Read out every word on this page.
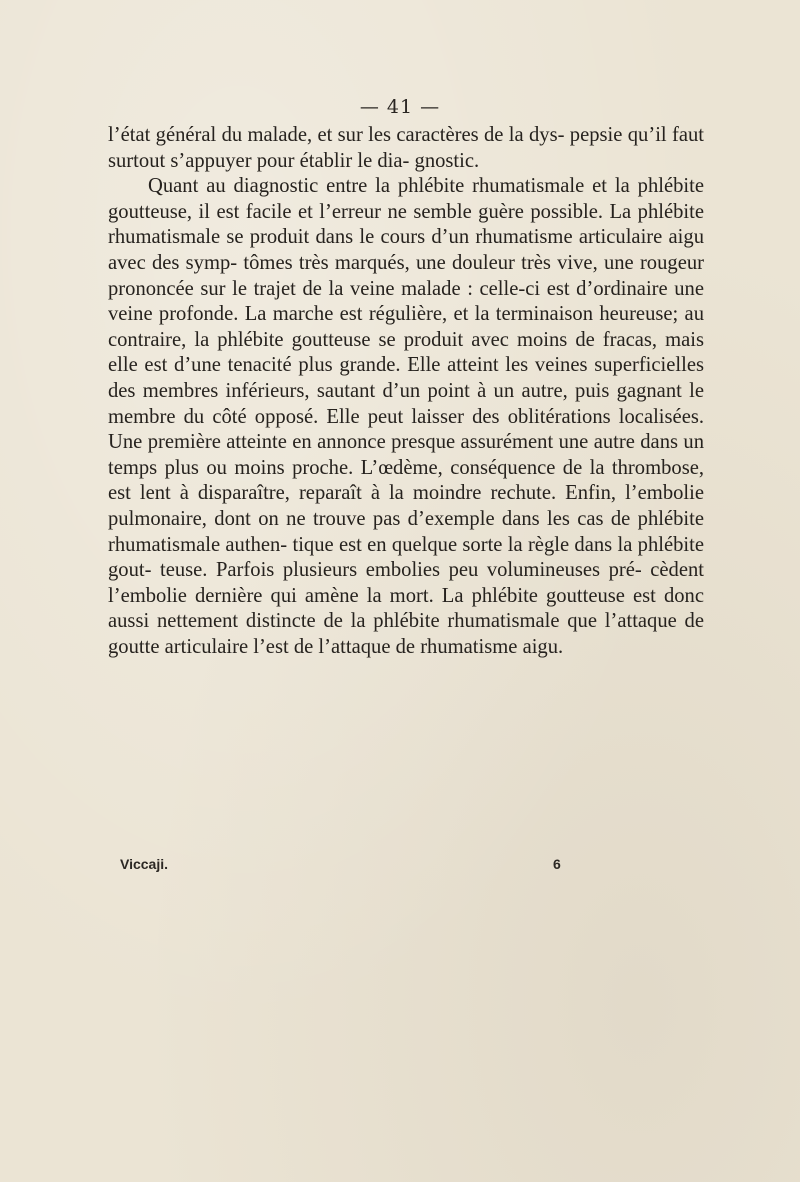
— 41 —

l’état général du malade, et sur les caractères de la dys- pepsie qu’il faut surtout s’appuyer pour établir le dia- gnostic.

Quant au diagnostic entre la phlébite rhumatismale et la phlébite goutteuse, il est facile et l’erreur ne semble guère possible. La phlébite rhumatismale se produit dans le cours d’un rhumatisme articulaire aigu avec des symp- tômes très marqués, une douleur très vive, une rougeur prononcée sur le trajet de la veine malade : celle-ci est d’ordinaire une veine profonde. La marche est régulière, et la terminaison heureuse; au contraire, la phlébite goutteuse se produit avec moins de fracas, mais elle est d’une tenacité plus grande. Elle atteint les veines superficielles des membres inférieurs, sautant d’un point à un autre, puis gagnant le membre du côté opposé. Elle peut laisser des oblitérations localisées. Une première atteinte en annonce presque assurément une autre dans un temps plus ou moins proche. L’œdème, conséquence de la thrombose, est lent à disparaître, reparaît à la moindre rechute. Enfin, l’embolie pulmonaire, dont on ne trouve pas d’exemple dans les cas de phlébite rhumatismale authen- tique est en quelque sorte la règle dans la phlébite gout- teuse. Parfois plusieurs embolies peu volumineuses pré- cèdent l’embolie dernière qui amène la mort. La phlébite goutteuse est donc aussi nettement distincte de la phlébite rhumatismale que l’attaque de goutte articulaire l’est de l’attaque de rhumatisme aigu.

Viccaji.	6
